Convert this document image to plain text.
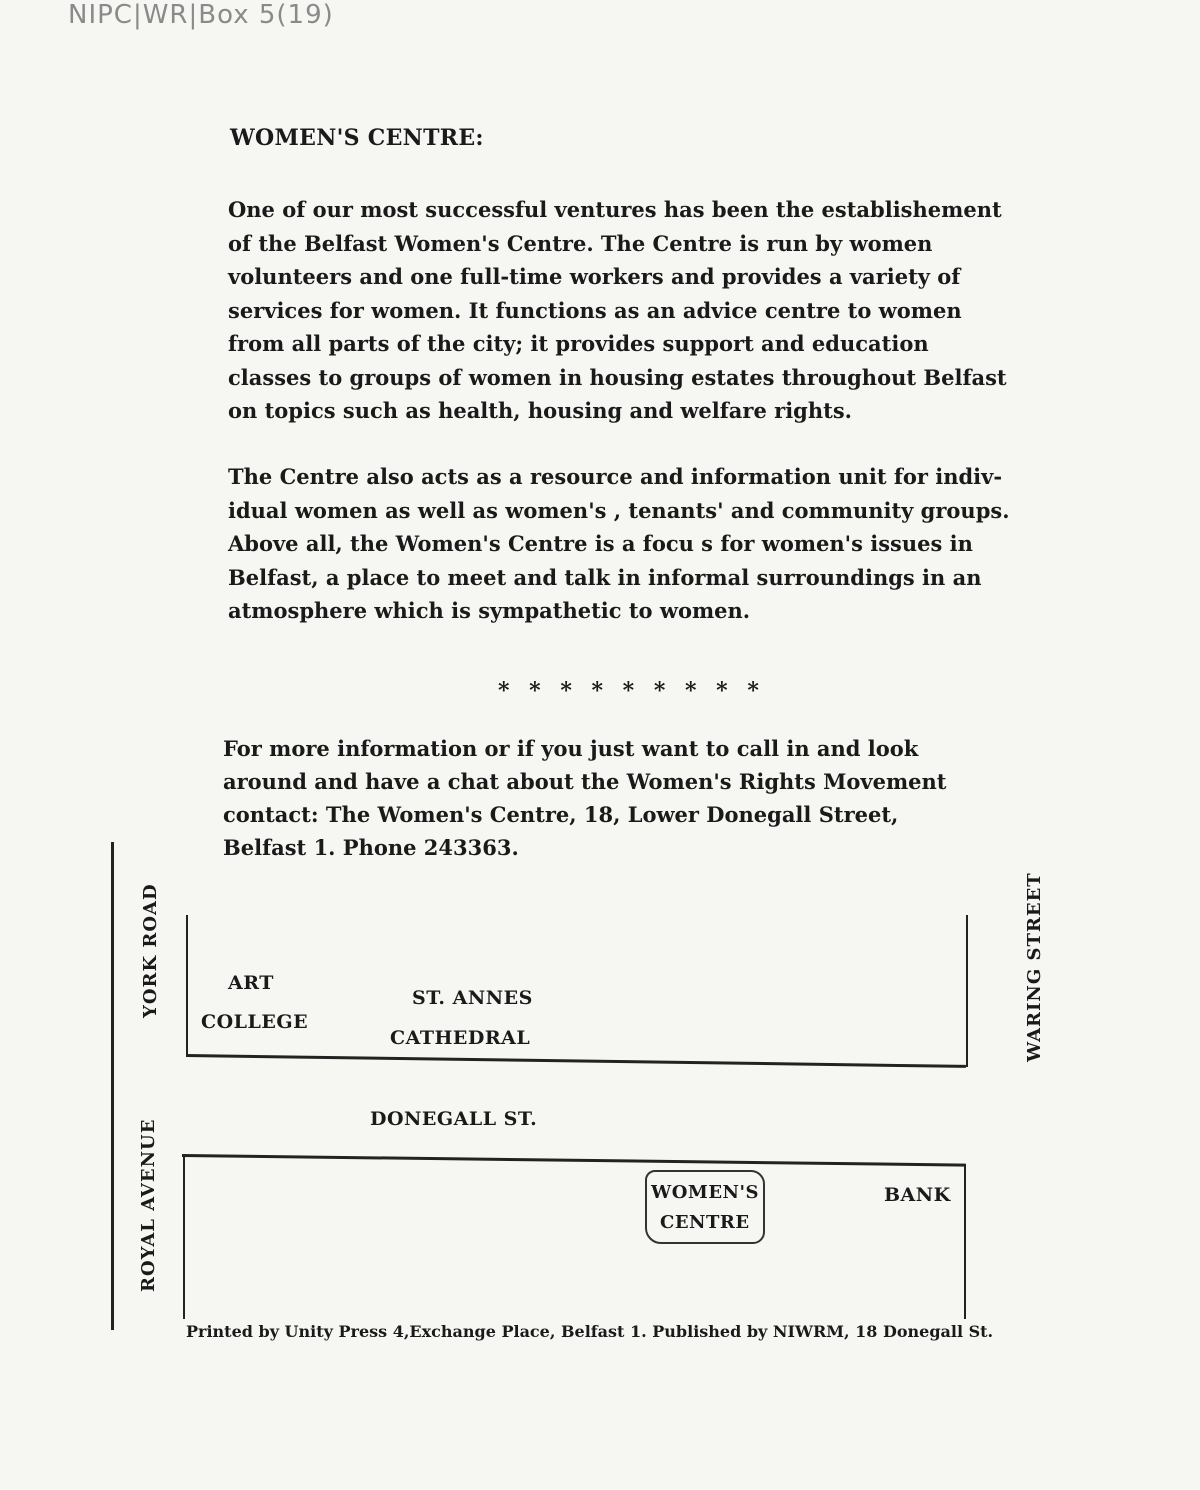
NIPC|WR|Box 5(19)
WOMEN'S CENTRE:
One of our most successful ventures has been the establishement
of the Belfast Women's Centre. The Centre is run by women
volunteers and one full-time workers and provides a variety of
services for women. It functions as an advice centre to women
from all parts of the city; it provides support and education
classes to groups of women in housing estates throughout Belfast
on topics such as health, housing and welfare rights.
The Centre also acts as a resource and information unit for indiv-
idual women as well as women's , tenants' and community groups.
Above all, the Women's Centre is a focu s for women's issues in
Belfast, a place to meet and talk in informal surroundings in an
atmosphere which is sympathetic to women.
* * * * * * * * *
For more information or if you just want to call in and look
around and have a chat about the Women's Rights Movement
contact: The Women's Centre, 18, Lower Donegall Street,
Belfast 1. Phone 243363.
YORK ROAD
ROYAL AVENUE
WARING STREET
ART
COLLEGE
ST. ANNES
CATHEDRAL
DONEGALL ST.
BANK
WOMEN'S
CENTRE
Printed by Unity Press 4,Exchange Place, Belfast 1. Published by NIWRM, 18 Donegall St.
